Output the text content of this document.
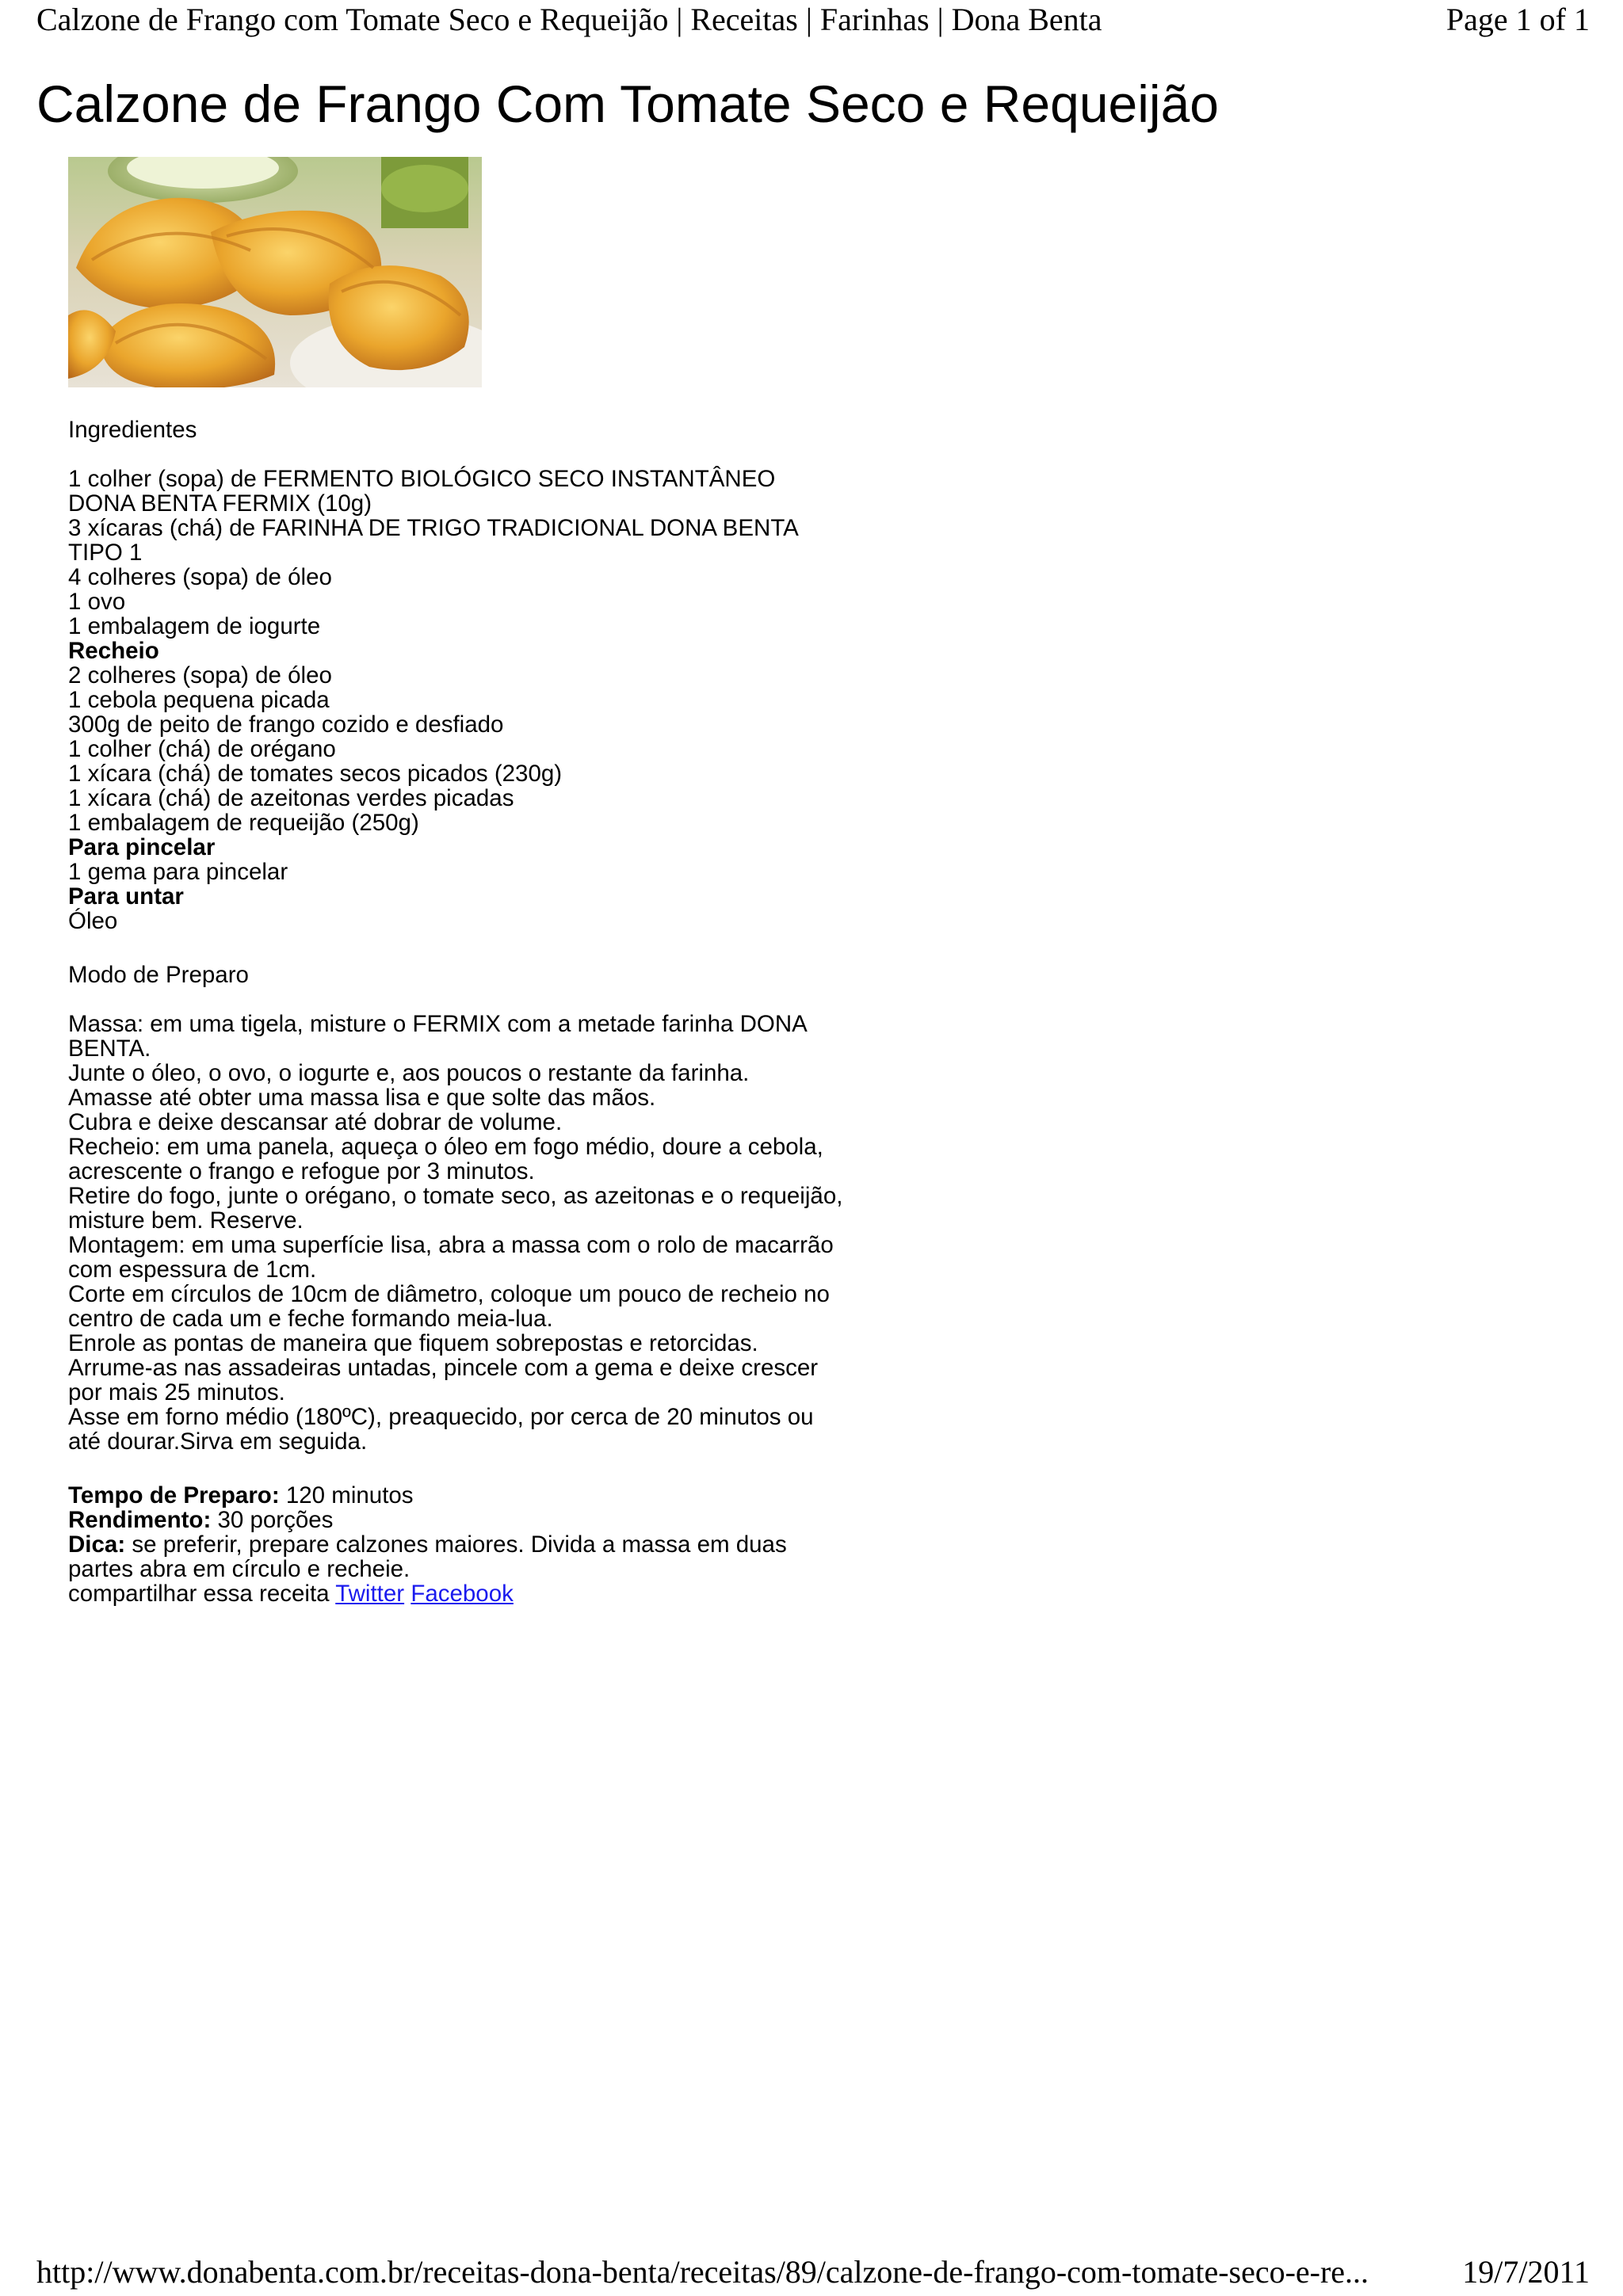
Calzone de Frango com Tomate Seco e Requeijão | Receitas | Farinhas | Dona Benta	Page 1 of 1
Calzone de Frango Com Tomate Seco e Requeijão
Ingredientes
1 colher (sopa) de FERMENTO BIOLÓGICO SECO INSTANTÂNEO
DONA BENTA FERMIX (10g)
3 xícaras (chá) de FARINHA DE TRIGO TRADICIONAL DONA BENTA
TIPO 1
4 colheres (sopa) de óleo
1 ovo
1 embalagem de iogurte
Recheio
2 colheres (sopa) de óleo
1 cebola pequena picada
300g de peito de frango cozido e desfiado
1 colher (chá) de orégano
1 xícara (chá) de tomates secos picados (230g)
1 xícara (chá) de azeitonas verdes picadas
1 embalagem de requeijão (250g)
Para pincelar
1 gema para pincelar
Para untar
Óleo
Modo de Preparo
Massa: em uma tigela, misture o FERMIX com a metade farinha DONA
BENTA.
Junte o óleo, o ovo, o iogurte e, aos poucos o restante da farinha.
Amasse até obter uma massa lisa e que solte das mãos.
Cubra e deixe descansar até dobrar de volume.
Recheio: em uma panela, aqueça o óleo em fogo médio, doure a cebola,
acrescente o frango e refogue por 3 minutos.
Retire do fogo, junte o orégano, o tomate seco, as azeitonas e o requeijão,
misture bem. Reserve.
Montagem: em uma superfície lisa, abra a massa com o rolo de macarrão
com espessura de 1cm.
Corte em círculos de 10cm de diâmetro, coloque um pouco de recheio no
centro de cada um e feche formando meia-lua.
Enrole as pontas de maneira que fiquem sobrepostas e retorcidas.
Arrume-as nas assadeiras untadas, pincele com a gema e deixe crescer
por mais 25 minutos.
Asse em forno médio (180ºC), preaquecido, por cerca de 20 minutos ou
até dourar.Sirva em seguida.
Tempo de Preparo: 120 minutos
Rendimento: 30 porções
Dica: se preferir, prepare calzones maiores. Divida a massa em duas
partes abra em círculo e recheie.
compartilhar essa receita Twitter Facebook
http://www.donabenta.com.br/receitas-dona-benta/receitas/89/calzone-de-frango-com-tomate-seco-e-re...	19/7/2011
